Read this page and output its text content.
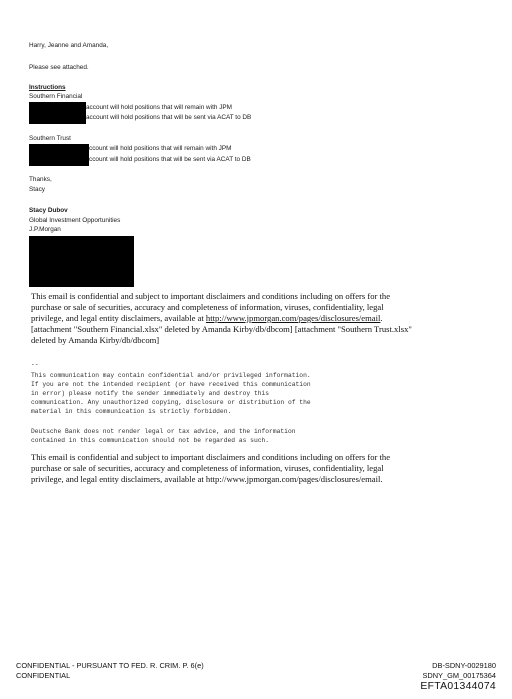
Harry, Jeanne and Amanda,
Please see attached.
Instructions
Southern Financial
account will hold positions that will remain with JPM
account will hold positions that will be sent via ACAT to DB
Southern Trust
ccount will hold positions that will remain with JPM
ccount will hold positions that will be sent via ACAT to DB
Thanks,
Stacy
Stacy Dubov
Global Investment Opportunities
J.P.Morgan
This email is confidential and subject to important disclaimers and conditions including on offers for the
purchase or sale of securities, accuracy and completeness of information, viruses, confidentiality, legal
privilege, and legal entity disclaimers, available at http://www.jpmorgan.com/pages/disclosures/email.
[attachment "Southern Financial.xlsx" deleted by Amanda Kirby/db/dbcom] [attachment "Southern Trust.xlsx"
deleted by Amanda Kirby/db/dbcom]
--
This communication may contain confidential and/or privileged information.
If you are not the intended recipient (or have received this communication
in error) please notify the sender immediately and destroy this
communication. Any unauthorized copying, disclosure or distribution of the
material in this communication is strictly forbidden.
Deutsche Bank does not render legal or tax advice, and the information
contained in this communication should not be regarded as such.
This email is confidential and subject to important disclaimers and conditions including on offers for the
purchase or sale of securities, accuracy and completeness of information, viruses, confidentiality, legal
privilege, and legal entity disclaimers, available at http://www.jpmorgan.com/pages/disclosures/email.
CONFIDENTIAL - PURSUANT TO FED. R. CRIM. P. 6(e)
CONFIDENTIAL
DB-SDNY-0029180
SDNY_GM_00175364
EFTA01344074
